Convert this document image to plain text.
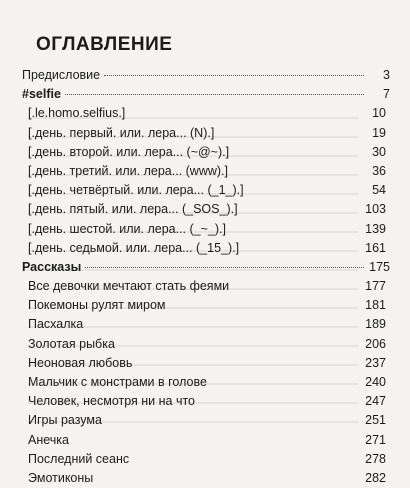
ОГЛАВЛЕНИЕ
Предисловие	3
#selfie	7
[.le.homo.selfius.]	10
[.день. первый. или. лера... (N).]	19
[.день. второй. или. лера... (~@~).]	30
[.день. третий. или. лера... (www).]	36
[.день. четвёртый. или. лера... (_1_).]	54
[.день. пятый. или. лера... (_SOS_).]	103
[.день. шестой. или. лера... (_~_).]	139
[.день. седьмой. или. лера... (_15_).]	161
Рассказы	175
Все девочки мечтают стать феями	177
Покемоны рулят миром	181
Пасхалка	189
Золотая рыбка	206
Неоновая любовь	237
Мальчик с монстрами в голове	240
Человек, несмотря ни на что	247
Игры разума	251
Анечка	271
Последний сеанс	278
Эмотиконы	282
